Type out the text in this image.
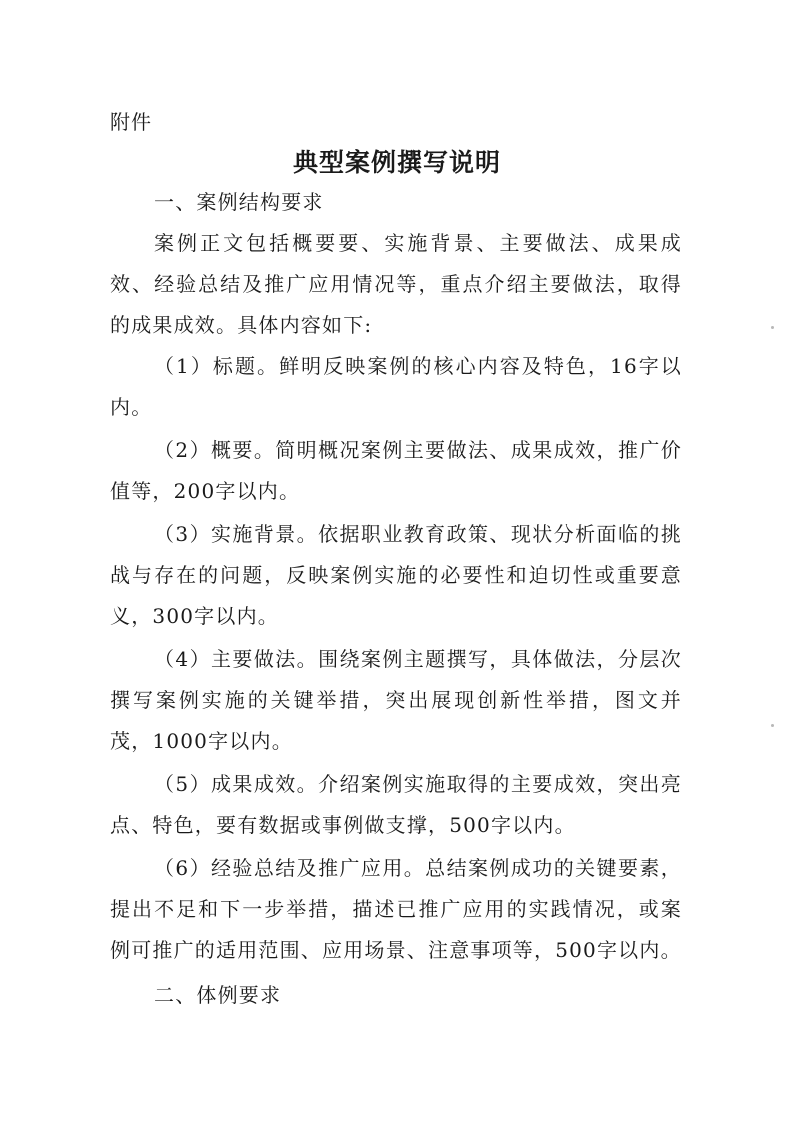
附件
典型案例撰写说明

一、案例结构要求

案例正文包括概要要、实施背景、主要做法、成果成效、经验总结及推广应用情况等，重点介绍主要做法，取得的成果成效。具体内容如下:

（1）标题。鲜明反映案例的核心内容及特色，16字以内。

（2）概要。简明概况案例主要做法、成果成效，推广价值等，200字以内。

（3）实施背景。依据职业教育政策、现状分析面临的挑战与存在的问题，反映案例实施的必要性和迫切性或重要意义，300字以内。

（4）主要做法。围绕案例主题撰写，具体做法，分层次撰写案例实施的关键举措，突出展现创新性举措，图文并茂，1000字以内。

（5）成果成效。介绍案例实施取得的主要成效，突出亮点、特色，要有数据或事例做支撑，500字以内。

（6）经验总结及推广应用。总结案例成功的关键要素，提出不足和下一步举措，描述已推广应用的实践情况，或案例可推广的适用范围、应用场景、注意事项等，500字以内。

二、体例要求
